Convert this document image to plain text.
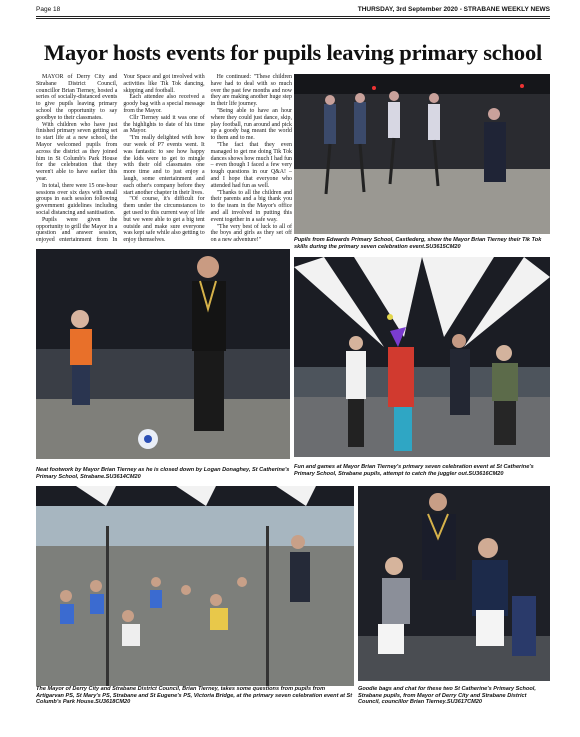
Page 18	THURSDAY, 3rd September 2020 - STRABANE WEEKLY NEWS
Mayor hosts events for pupils leaving primary school

MAYOR of Derry City and Strabane District Council, councillor Brian Tierney, hosted a series of socially-distanced events to give pupils leaving primary school the opportunity to say goodbye to their classmates.

With children who have just finished primary seven getting set to start life at a new school, the Mayor welcomed pupils from across the district as they joined him in St Columb's Park House for the celebration that they weren't able to have earlier this year.

In total, there were 15 one-hour sessions over six days with small groups in each session following government guidelines including social distancing and sanitisation.

Pupils were given the opportunity to grill the Mayor in a question and answer session, enjoyed entertainment from In Your Space and got involved with activities like Tik Tok dancing, skipping and football.

Each attendee also received a goody bag with a special message from the Mayor.

Cllr Tierney said it was one of the highlights to date of his time as Mayor.

"I'm really delighted with how our week of P7 events went. It was fantastic to see how happy the kids were to get to mingle with their old classmates one more time and to just enjoy a laugh, some entertainment and each other's company before they start another chapter in their lives.

"Of course, it's difficult for them under the circumstances to get used to this current way of life but we were able to get a big tent outside and make sure everyone was kept safe while also getting to enjoy themselves.

He continued: "These children have had to deal with so much over the past few months and now they are making another huge step in their life journey.

"Being able to have an hour where they could just dance, skip, play football, run around and pick up a goody bag meant the world to them and to me.

"The fact that they even managed to get me doing Tik Tok dances shows how much I had fun – even though I faced a few very tough questions in our Q&A! – and I hope that everyone who attended had fun as well.

"Thanks to all the children and their parents and a big thank you to the team in the Mayor's office and all involved in putting this event together in a safe way.

"The very best of luck to all of the boys and girls as they set off on a new adventure!"	Pupils from Edwards Primary School, Castlederg, show the Mayor Brian Tierney their Tik Tok skills during the primary seven celebration event.SU3615CM20
Neat footwork by Mayor Brian Tierney as he is closed down by Logan Donaghey, St Catherine's Primary School, Strabane.SU3614CM20
Fun and games at Mayor Brian Tierney's primary seven celebration event at St Catherine's Primary School, Strabane pupils, attempt to catch the juggler out.SU3616CM20
The Mayor of Derry City and Strabane District Council, Brian Tierney, takes some questions from pupils from Artigarvan PS, St Mary's PS, Strabane and St Eugene's PS, Victoria Bridge, at the primary seven celebration event at St Columb's Park House.SU3618CM20
Goodie bags and chat for these two St Catherine's Primary School, Strabane pupils, from Mayor of Derry City and Strabane District Council, councillor Brian Tierney.SU3617CM20
